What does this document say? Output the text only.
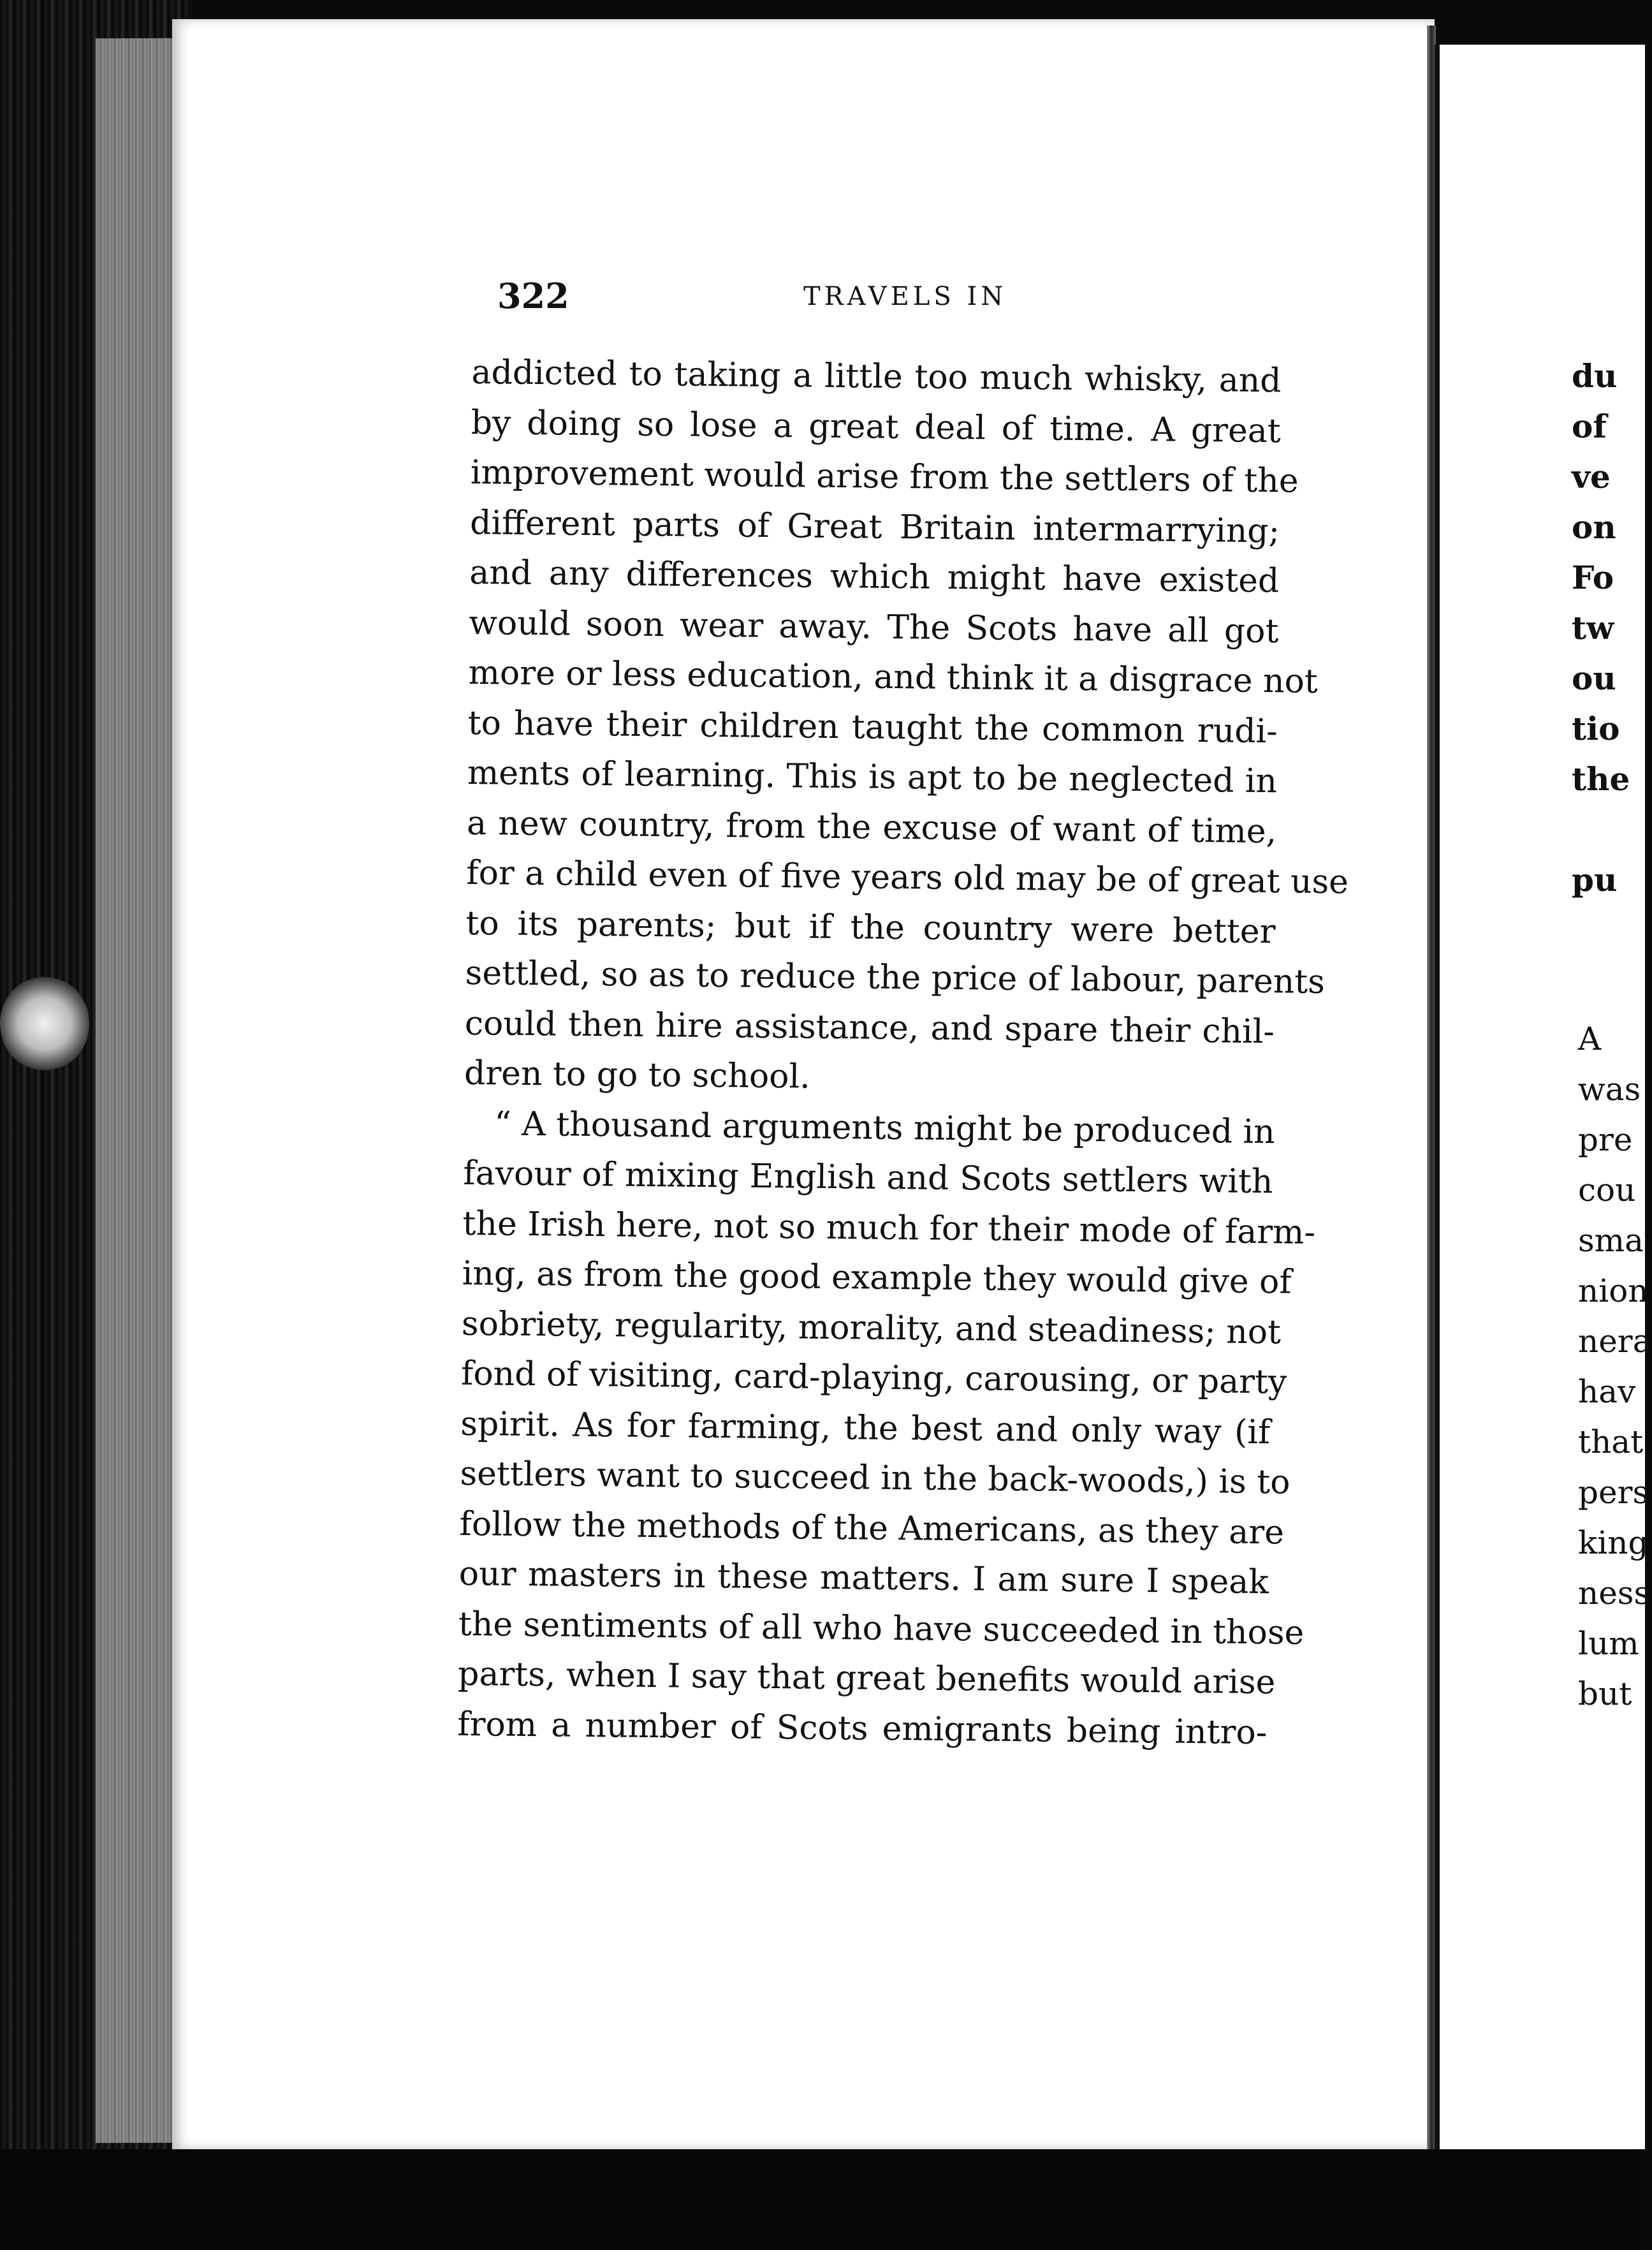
322	TRAVELS IN
addicted to taking a little too much whisky, and
by doing so lose a great deal of time. A great
improvement would arise from the settlers of the
different parts of Great Britain intermarrying;
and any differences which might have existed
would soon wear away. The Scots have all got
more or less education, and think it a disgrace not
to have their children taught the common rudi-
ments of learning. This is apt to be neglected in
a new country, from the excuse of want of time,
for a child even of five years old may be of great use
to its parents; but if the country were better
settled, so as to reduce the price of labour, parents
could then hire assistance, and spare their chil-
dren to go to school.
“ A thousand arguments might be produced in
favour of mixing English and Scots settlers with
the Irish here, not so much for their mode of farm-
ing, as from the good example they would give of
sobriety, regularity, morality, and steadiness; not
fond of visiting, card-playing, carousing, or party
spirit. As for farming, the best and only way (if
settlers want to succeed in the back-woods,) is to
follow the methods of the Americans, as they are
our masters in these matters. I am sure I speak
the sentiments of all who have succeeded in those
parts, when I say that great benefits would arise
from a number of Scots emigrants being intro-
du
of
ve
on
Fo
tw
ou
tio
the
pu
A
was
pre
cou
sma
nion
nera
hav
that
pers
king
ness
lum
but
